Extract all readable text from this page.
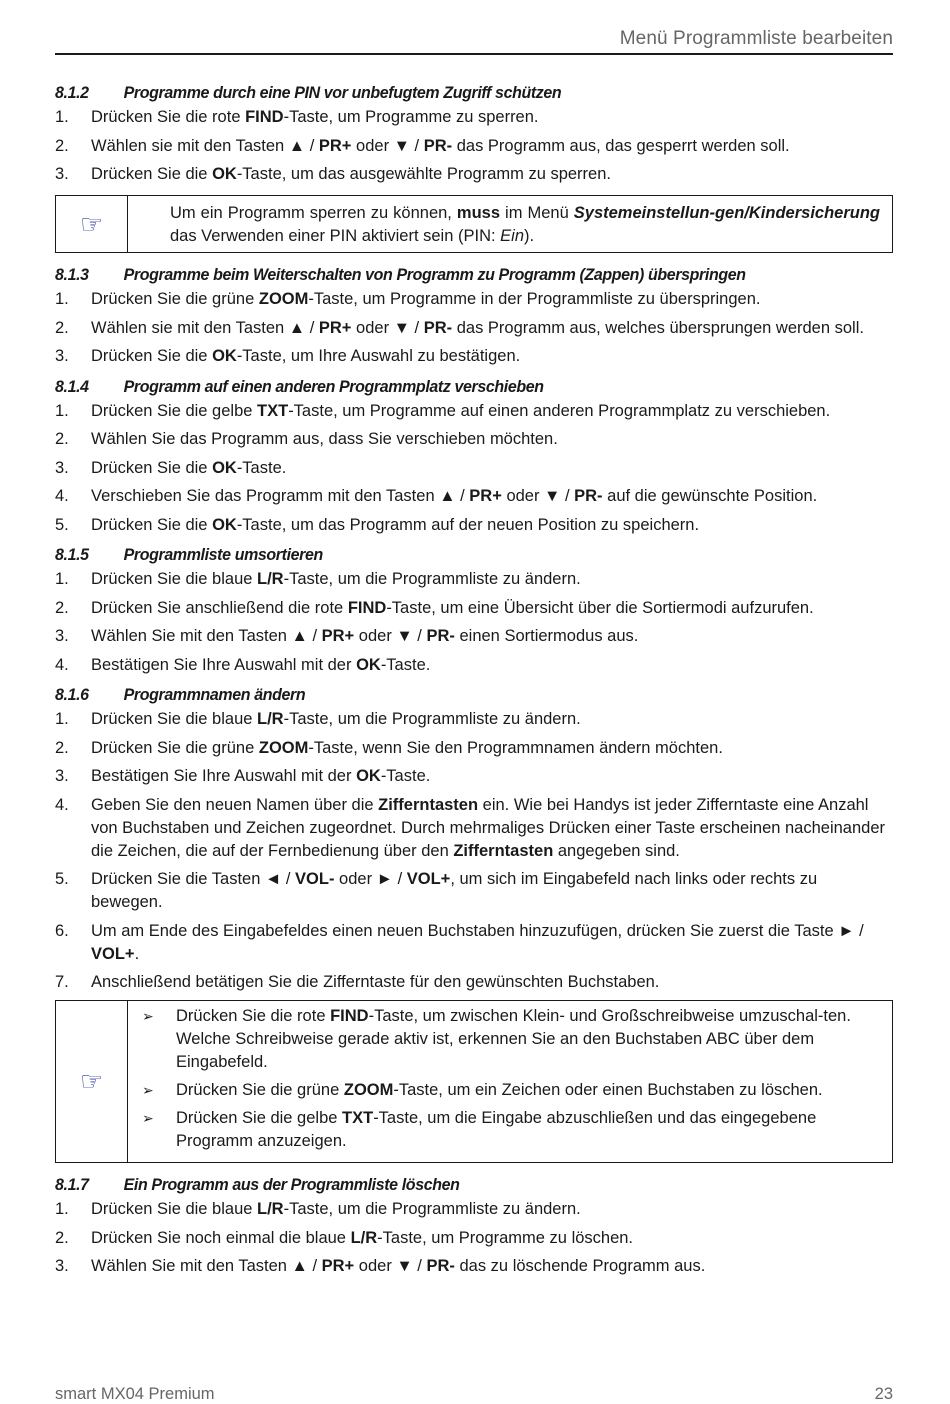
Menü Programmliste bearbeiten
8.1.2	Programme durch eine PIN vor unbefugtem Zugriff schützen
1. Drücken Sie die rote FIND-Taste, um Programme zu sperren.
2. Wählen sie mit den Tasten ▲ / PR+ oder ▼ / PR- das Programm aus, das gesperrt werden soll.
3. Drücken Sie die OK-Taste, um das ausgewählte Programm zu sperren.
☞	Um ein Programm sperren zu können, muss im Menü Systemeinstellun-gen/Kindersicherung das Verwenden einer PIN aktiviert sein (PIN: Ein).
8.1.3	Programme beim Weiterschalten von Programm zu Programm (Zappen) überspringen
1. Drücken Sie die grüne ZOOM-Taste, um Programme in der Programmliste zu überspringen.
2. Wählen sie mit den Tasten ▲ / PR+ oder ▼ / PR- das Programm aus, welches übersprungen werden soll.
3. Drücken Sie die OK-Taste, um Ihre Auswahl zu bestätigen.
8.1.4	Programm auf einen anderen Programmplatz verschieben
1. Drücken Sie die gelbe TXT-Taste, um Programme auf einen anderen Programmplatz zu verschieben.
2. Wählen Sie das Programm aus, dass Sie verschieben möchten.
3. Drücken Sie die OK-Taste.
4. Verschieben Sie das Programm mit den Tasten ▲ / PR+ oder ▼ / PR- auf die gewünschte Position.
5. Drücken Sie die OK-Taste, um das Programm auf der neuen Position zu speichern.
8.1.5	Programmliste umsortieren
1. Drücken Sie die blaue L/R-Taste, um die Programmliste zu ändern.
2. Drücken Sie anschließend die rote FIND-Taste, um eine Übersicht über die Sortiermodi aufzurufen.
3. Wählen Sie mit den Tasten ▲ / PR+ oder ▼ / PR- einen Sortiermodus aus.
4. Bestätigen Sie Ihre Auswahl mit der OK-Taste.
8.1.6	Programmnamen ändern
1. Drücken Sie die blaue L/R-Taste, um die Programmliste zu ändern.
2. Drücken Sie die grüne ZOOM-Taste, wenn Sie den Programmnamen ändern möchten.
3. Bestätigen Sie Ihre Auswahl mit der OK-Taste.
4. Geben Sie den neuen Namen über die Zifferntasten ein. Wie bei Handys ist jeder Zifferntaste eine Anzahl von Buchstaben und Zeichen zugeordnet. Durch mehrmaliges Drücken einer Taste erscheinen nacheinander die Zeichen, die auf der Fernbedienung über den Zifferntasten angegeben sind.
5. Drücken Sie die Tasten ◄ / VOL- oder ► / VOL+, um sich im Eingabefeld nach links oder rechts zu bewegen.
6. Um am Ende des Eingabefeldes einen neuen Buchstaben hinzuzufügen, drücken Sie zuerst die Taste ► / VOL+.
7. Anschließend betätigen Sie die Zifferntaste für den gewünschten Buchstaben.
☞
➢ Drücken Sie die rote FIND-Taste, um zwischen Klein- und Großschreibweise umzuschal-ten. Welche Schreibweise gerade aktiv ist, erkennen Sie an den Buchstaben ABC über dem Eingabefeld.
➢ Drücken Sie die grüne ZOOM-Taste, um ein Zeichen oder einen Buchstaben zu löschen.
➢ Drücken Sie die gelbe TXT-Taste, um die Eingabe abzuschließen und das eingegebene Programm anzuzeigen.
8.1.7	Ein Programm aus der Programmliste löschen
1. Drücken Sie die blaue L/R-Taste, um die Programmliste zu ändern.
2. Drücken Sie noch einmal die blaue L/R-Taste, um Programme zu löschen.
3. Wählen Sie mit den Tasten ▲ / PR+ oder ▼ / PR- das zu löschende Programm aus.
smart MX04 Premium	23
